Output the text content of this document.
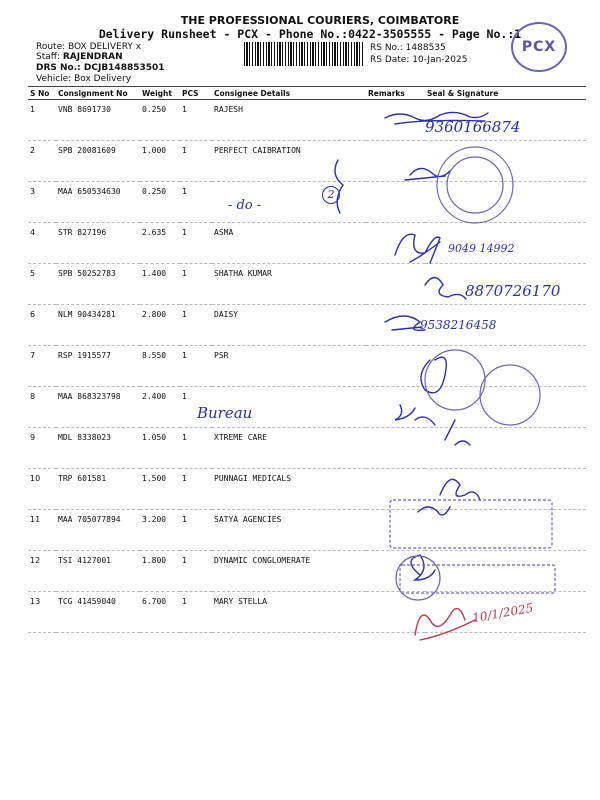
THE PROFESSIONAL COURIERS, COIMBATORE
Delivery Runsheet - PCX - Phone No.:0422-3505555 - Page No.:1
Route: BOX DELIVERY x
Staff: RAJENDRAN
DRS No.: DCJB148853501
Vehicle: Box Delivery
RS No.: 1488535
RS Date: 10-Jan-2025
PCX
S No	Consignment No	Weight	PCS	Consignee Details	Remarks	Seal & Signature
1	VNB 8691730	0.250	1	RAJESH		
2	SPB 20081609	1.000	1	PERFECT CAIBRATION		
3	MAA 650534630	0.250	1			
4	STR 827196	2.635	1	ASMA		
5	SPB 50252783	1.400	1	SHATHA KUMAR		
6	NLM 90434281	2.800	1	DAISY		
7	RSP 1915577	8.550	1	PSR		
8	MAA 868323798	2.400	1			
9	MDL 8338023	1.050	1	XTREME CARE		
10	TRP 601581	1.500	1	PUNNAGI MEDICALS		
11	MAA 705077894	3.200	1	SATYA AGENCIES		
12	TSI 4127001	1.800	1	DYNAMIC CONGLOMERATE		
13	TCG 41459040	6.700	1	MARY STELLA		
9360166874
- do -
2
9049 14992
8870726170
9538216458
Bureau
10/1/2025
